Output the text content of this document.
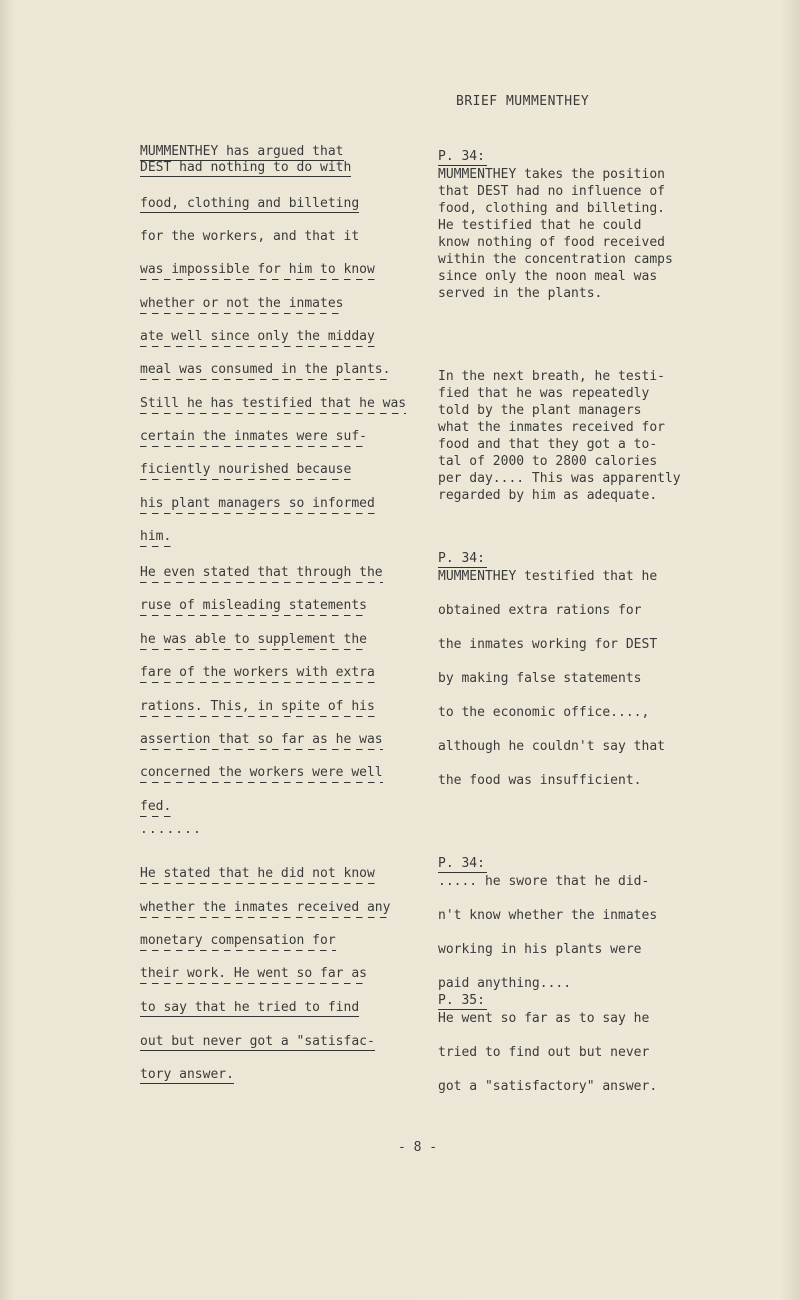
BRIEF MUMMENTHEY
MUMMENTHEY has argued that
DEST had nothing to do with
food, clothing and billeting
for the workers, and that it
was impossible for him to know
whether or not the inmates
ate well since only the midday
meal was consumed in the plants.
Still he has testified that he was
certain the inmates were suf-
ficiently nourished because
his plant managers so informed
him.
He even stated that through the
ruse of misleading statements
he was able to supplement the
fare of the workers with extra
rations. This, in spite of his
assertion that so far as he was
concerned the workers were well
fed.
He stated that he did not know
whether the inmates received any
monetary compensation for
their work. He went so far as
to say that he tried to find
out but never got a "satisfac-
tory answer.
.......
P. 34:
MUMMENTHEY takes the position
that DEST had no influence of
food, clothing and billeting.
He testified that he could
know nothing of food received
within the concentration camps
since only the noon meal was
served in the plants.
In the next breath, he testi-
fied that he was repeatedly
told by the plant managers
what the inmates received for
food and that they got a to-
tal of 2000 to 2800 calories
per day.... This was apparently
regarded by him as adequate.
P. 34:
MUMMENTHEY testified that he

obtained extra rations for

the inmates working for DEST

by making false statements

to the economic office....,

although he couldn't say that

the food was insufficient.
P. 34:
..... he swore that he did-

n't know whether the inmates

working in his plants were

paid anything....
P. 35:
He went so far as to say he

tried to find out but never

got a "satisfactory" answer.
- 8 -
